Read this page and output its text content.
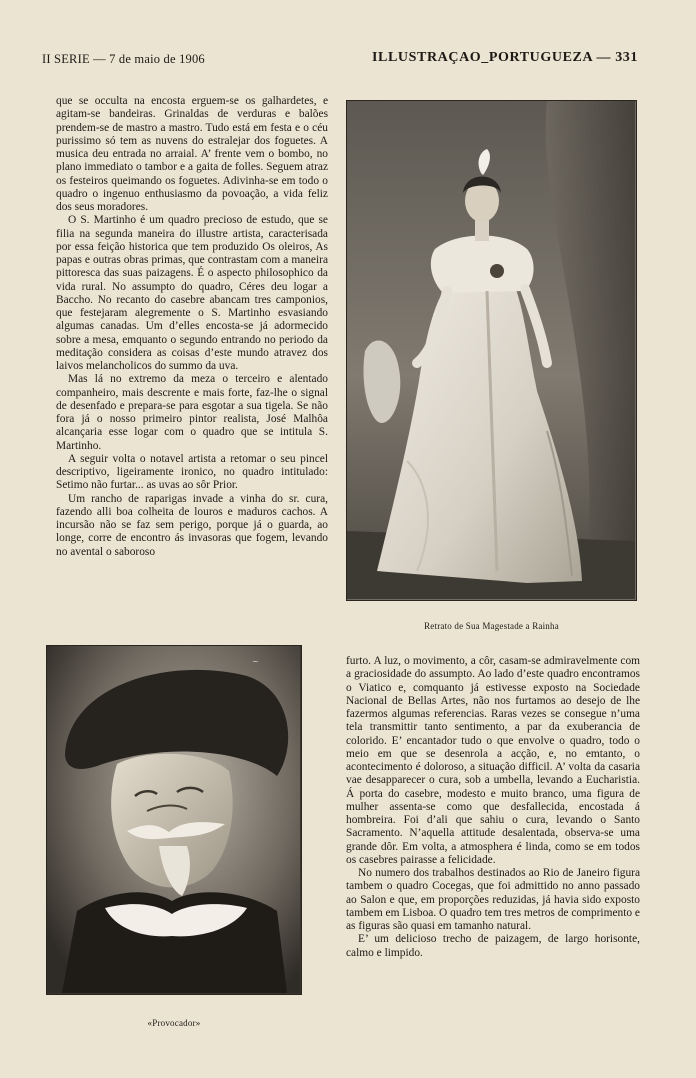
II SERIE — 7 de maio de 1906	ILLUSTRAÇAO_PORTUGUEZA — 331

que se occulta na encosta erguem-se os galhardetes, e agitam-se bandeiras. Grinaldas de verduras e balões prendem-se de mastro a mastro. Tudo está em festa e o céu purissimo só tem as nuvens do estralejar dos foguetes. A musica deu entrada no arraial. A’ frente vem o bombo, no plano immediato o tambor e a gaita de folles. Seguem atraz os festeiros queimando os foguetes. Adivinha-se em todo o quadro o ingenuo enthusiasmo da povoação, a vida feliz dos seus moradores.

O S. Martinho é um quadro precioso de estudo, que se filia na segunda maneira do illustre artista, caracterisada por essa feição historica que tem produzido Os oleiros, As papas e outras obras primas, que contrastam com a maneira pittoresca das suas paizagens. É o aspecto philosophico da vida rural. No assumpto do quadro, Céres deu logar a Baccho. No recanto do casebre abancam tres camponios, que festejaram alegremente o S. Martinho esvasiando algumas canadas. Um d’elles encosta-se já adormecido sobre a mesa, emquanto o segundo entrando no periodo da meditação considera as coisas d’este mundo atravez dos laivos melancholicos do summo da uva.

Mas lá no extremo da meza o terceiro e alentado companheiro, mais descrente e mais forte, faz-lhe o signal de desenfado e prepara-se para esgotar a sua tigela. Se não fora já o nosso primeiro pintor realista, José Malhôa alcançaria esse logar com o quadro que se intitula S. Martinho.

A seguir volta o notavel artista a retomar o seu pincel descriptivo, ligeiramente ironico, no quadro intitulado: Setimo não furtar... as uvas ao sôr Prior.

Um rancho de raparigas invade a vinha do sr. cura, fazendo alli boa colheita de louros e maduros cachos. A incursão não se faz sem perigo, porque já o guarda, ao longe, corre de encontro ás invasoras que fogem, levando no avental o saboroso

Retrato de Sua Magestade a Rainha
~
«Provocador»

furto. A luz, o movimento, a côr, casam-se admiravelmente com a graciosidade do assumpto. Ao lado d’este quadro encontramos o Viatico e, comquanto já estivesse exposto na Sociedade Nacional de Bellas Artes, não nos furtamos ao desejo de lhe fazermos algumas referencias. Raras vezes se consegue n’uma tela transmittir tanto sentimento, a par da exuberancia de colorido. E’ encantador tudo o que envolve o quadro, todo o meio em que se desenrola a acção, e, no emtanto, o acontecimento é doloroso, a situação difficil. A’ volta da casaria vae desapparecer o cura, sob a umbella, levando a Eucharistia. Á porta do casebre, modesto e muito branco, uma figura de mulher assenta-se como que desfallecida, encostada á hombreira. Foi d’ali que sahiu o cura, levando o Santo Sacramento. N’aquella attitude desalentada, observa-se uma grande dôr. Em volta, a atmosphera é linda, como se em todos os casebres pairasse a felicidade.

No numero dos trabalhos destinados ao Rio de Janeiro figura tambem o quadro Cocegas, que foi admittido no anno passado ao Salon e que, em proporções reduzidas, já havia sido exposto tambem em Lisboa. O quadro tem tres metros de comprimento e as figuras são quasi em tamanho natural.

E’ um delicioso trecho de paizagem, de largo horisonte, calmo e limpido.
